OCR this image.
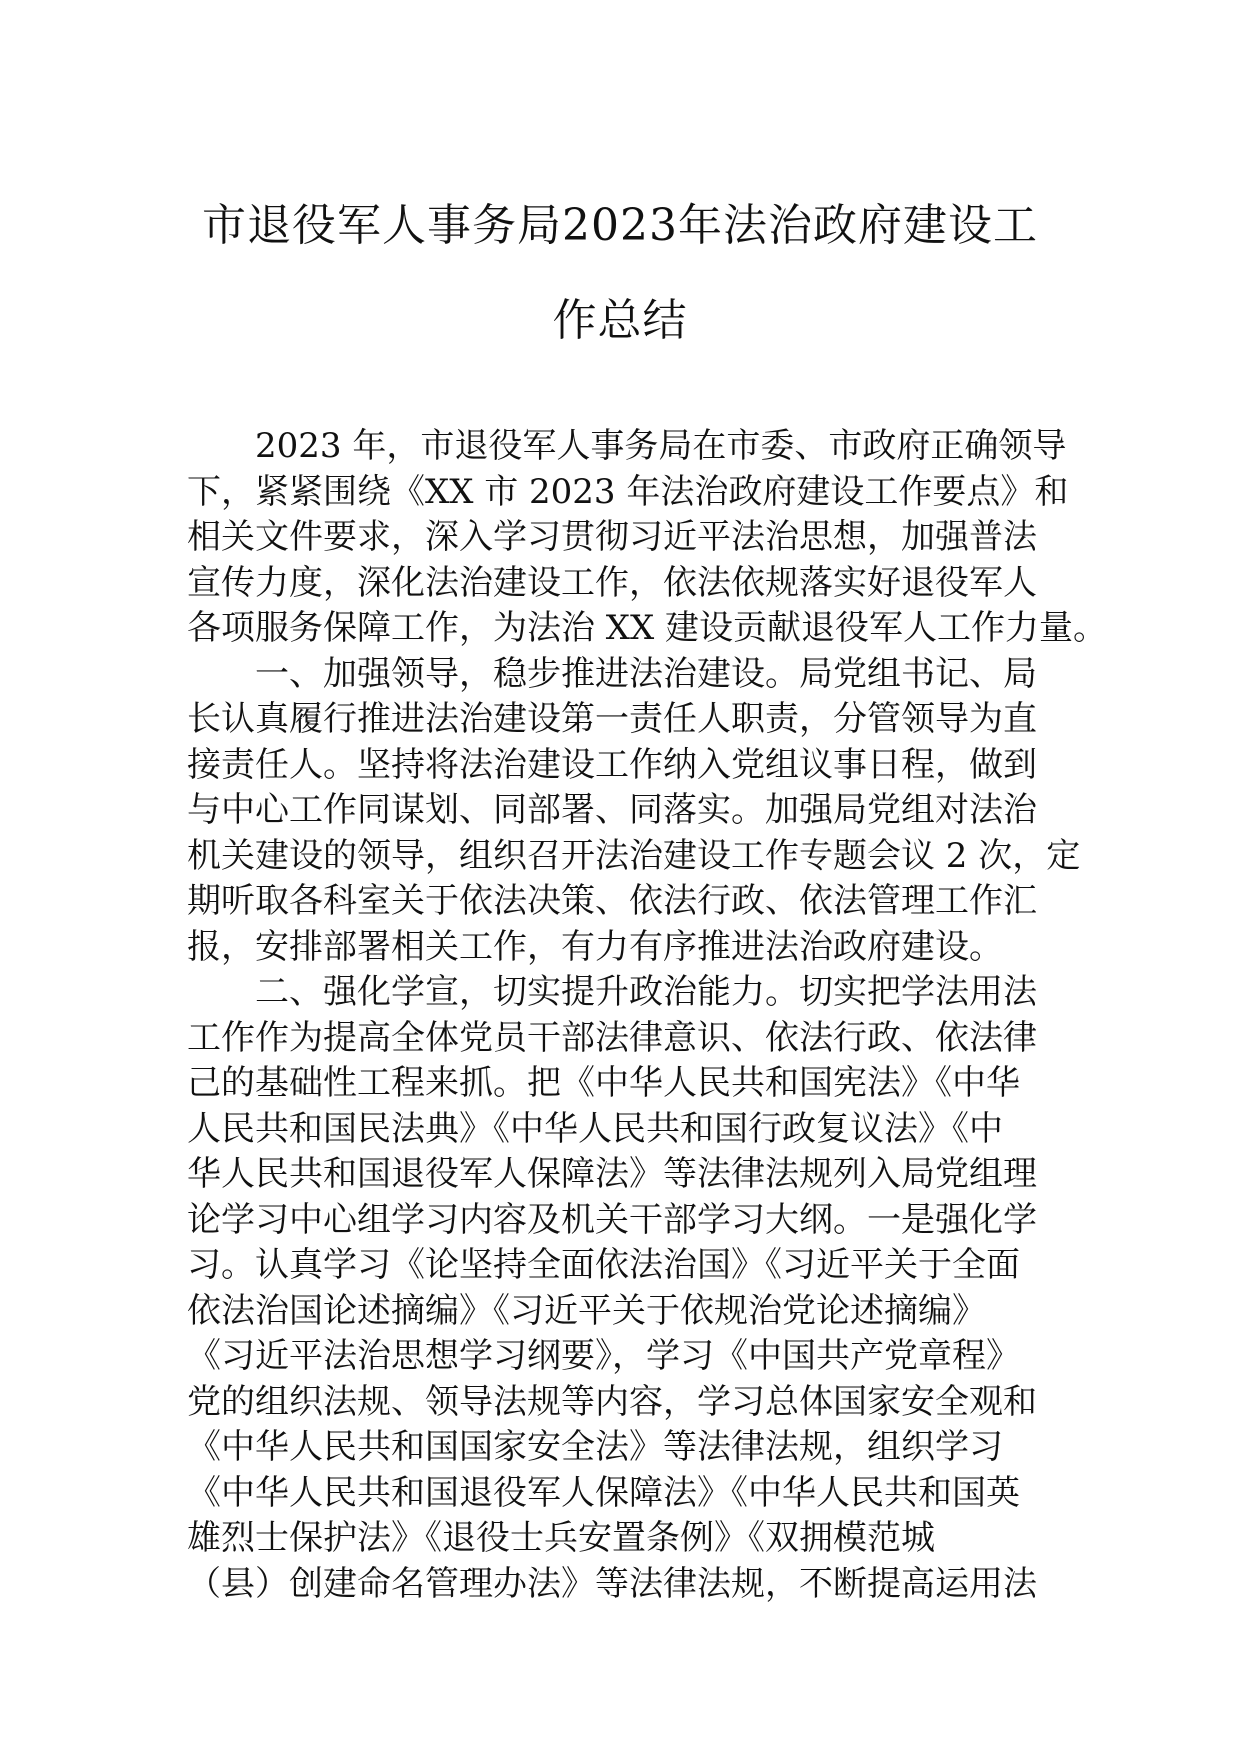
市退役军人事务局2023年法治政府建设工
作总结
2023 年，市退役军人事务局在市委、市政府正确领导
下，紧紧围绕《XX 市 2023 年法治政府建设工作要点》和
相关文件要求，深入学习贯彻习近平法治思想，加强普法
宣传力度，深化法治建设工作，依法依规落实好退役军人
各项服务保障工作，为法治 XX 建设贡献退役军人工作力量。
一、加强领导，稳步推进法治建设。局党组书记、局
长认真履行推进法治建设第一责任人职责，分管领导为直
接责任人。坚持将法治建设工作纳入党组议事日程，做到
与中心工作同谋划、同部署、同落实。加强局党组对法治
机关建设的领导，组织召开法治建设工作专题会议 2 次，定
期听取各科室关于依法决策、依法行政、依法管理工作汇
报，安排部署相关工作，有力有序推进法治政府建设。
二、强化学宣，切实提升政治能力。切实把学法用法
工作作为提高全体党员干部法律意识、依法行政、依法律
己的基础性工程来抓。把《中华人民共和国宪法》《中华
人民共和国民法典》《中华人民共和国行政复议法》《中
华人民共和国退役军人保障法》等法律法规列入局党组理
论学习中心组学习内容及机关干部学习大纲。一是强化学
习。认真学习《论坚持全面依法治国》《习近平关于全面
依法治国论述摘编》《习近平关于依规治党论述摘编》
《习近平法治思想学习纲要》，学习《中国共产党章程》
党的组织法规、领导法规等内容，学习总体国家安全观和
《中华人民共和国国家安全法》等法律法规，组织学习
《中华人民共和国退役军人保障法》《中华人民共和国英
雄烈士保护法》《退役士兵安置条例》《双拥模范城
（县）创建命名管理办法》等法律法规，不断提高运用法
